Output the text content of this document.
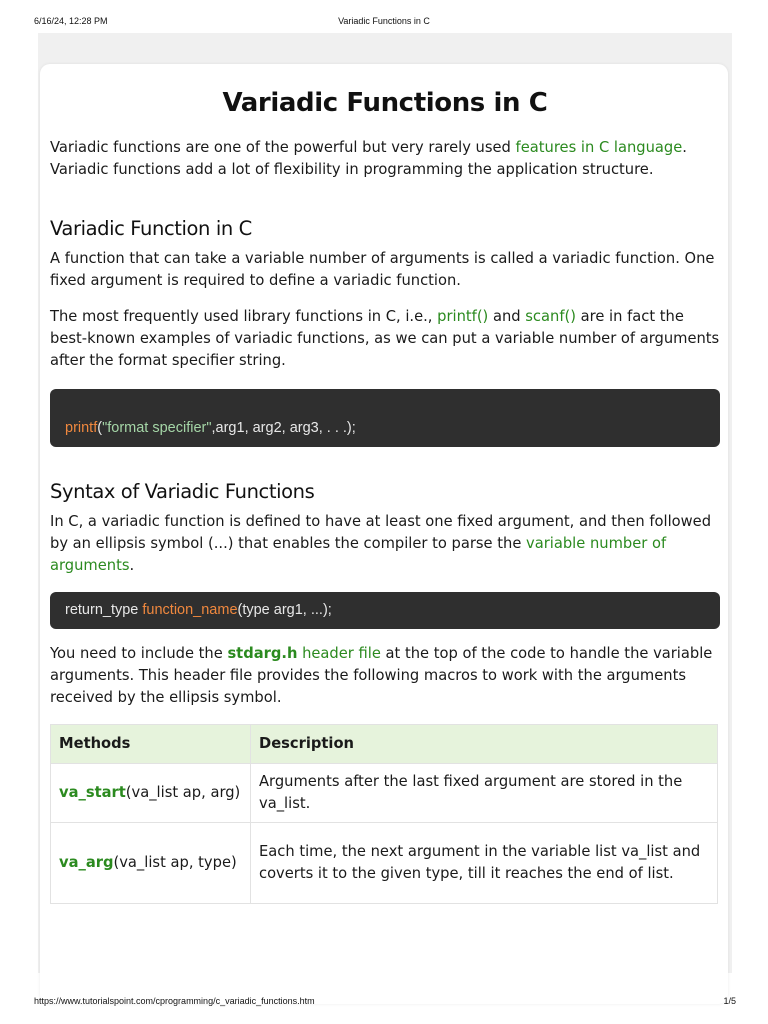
6/16/24, 12:28 PM	Variadic Functions in C
Variadic Functions in C

Variadic functions are one of the powerful but very rarely used features in C language. Variadic functions add a lot of flexibility in programming the application structure.

Variadic Function in C

A function that can take a variable number of arguments is called a variadic function. One fixed argument is required to define a variadic function.

The most frequently used library functions in C, i.e., printf() and scanf() are in fact the best-known examples of variadic functions, as we can put a variable number of arguments after the format specifier string.

printf("format specifier",arg1, arg2, arg3, . . .);
Syntax of Variadic Functions

In C, a variadic function is defined to have at least one fixed argument, and then followed by an ellipsis symbol (...) that enables the compiler to parse the variable number of arguments.

return_type function_name(type arg1, ...);

You need to include the stdarg.h header file at the top of the code to handle the variable arguments. This header file provides the following macros to work with the arguments received by the ellipsis symbol.

Methods	Description
va_start(va_list ap, arg)	Arguments after the last fixed argument are stored in the va_list.
va_arg(va_list ap, type)	Each time, the next argument in the variable list va_list and coverts it to the given type, till it reaches the end of list.
https://www.tutorialspoint.com/cprogramming/c_variadic_functions.htm	1/5
